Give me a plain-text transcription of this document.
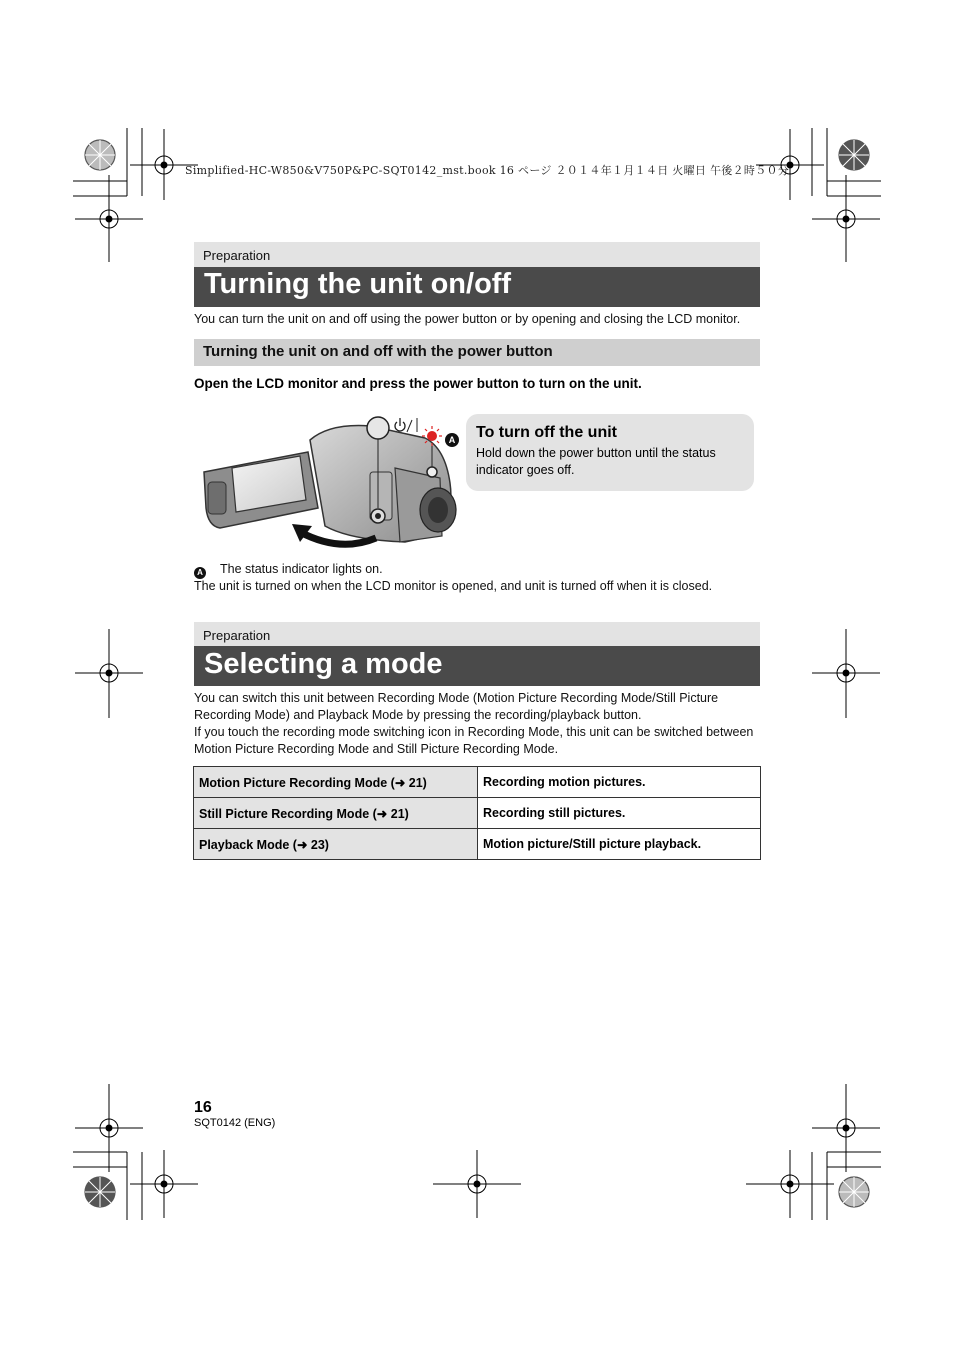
Simplified-HC-W850&V750P&PC-SQT0142_mst.book 16 ページ ２０１４年１月１４日 火曜日 午後２時５０分
Preparation
Turning the unit on/off
You can turn the unit on and off using the power button or by opening and closing the LCD monitor.
Turning the unit on and off with the power button
Open the LCD monitor and press the power button to turn on the unit.
A To turn off the unit
Hold down the power button until the status indicator goes off.
A The status indicator lights on.
The unit is turned on when the LCD monitor is opened, and unit is turned off when it is closed.
Preparation
Selecting a mode
You can switch this unit between Recording Mode (Motion Picture Recording Mode/Still Picture Recording Mode) and Playback Mode by pressing the recording/playback button.
If you touch the recording mode switching icon in Recording Mode, this unit can be switched between Motion Picture Recording Mode and Still Picture Recording Mode.
Motion Picture Recording Mode (➜ 21)	Recording motion pictures.
Still Picture Recording Mode (➜ 21)	Recording still pictures.
Playback Mode (➜ 23)	Motion picture/Still picture playback.
16
SQT0142 (ENG)
